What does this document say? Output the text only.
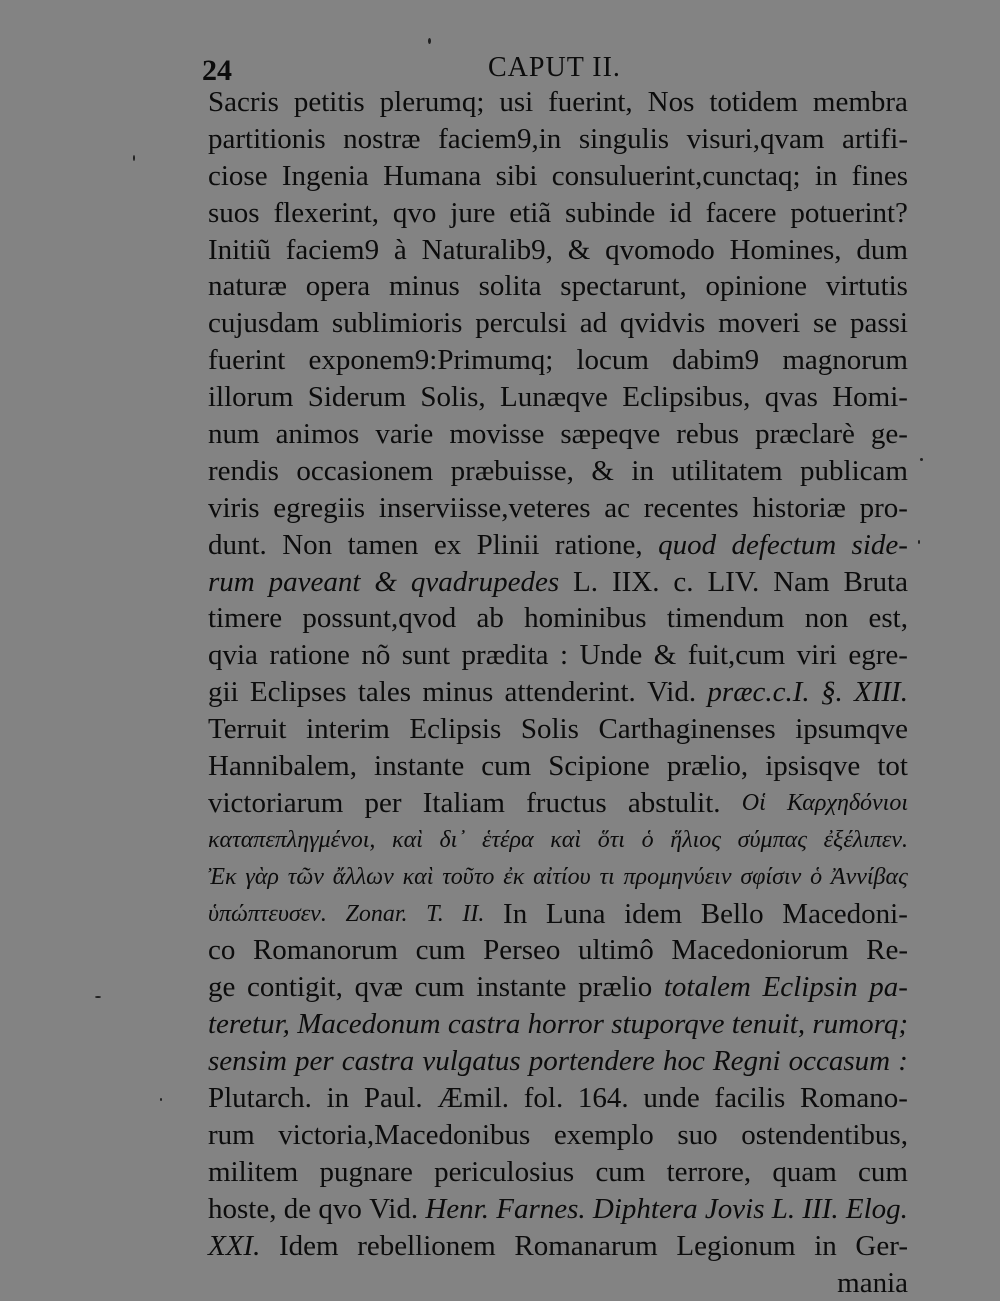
24	CAPUT II.
Sacris petitis plerumq; usi fuerint, Nos totidem membra
partitionis nostræ faciem9,in singulis visuri,qvam artifi-
ciose Ingenia Humana sibi consuluerint,cunctaq; in fines
suos flexerint, qvo jure etiã subinde id facere potuerint?
Initiũ faciem9 à Naturalib9, & qvomodo Homines, dum
naturæ opera minus solita spectarunt, opinione virtutis
cujusdam sublimioris perculsi ad qvidvis moveri se passi
fuerint exponem9:Primumq; locum dabim9 magnorum
illorum Siderum Solis, Lunæqve Eclipsibus, qvas Homi-
num animos varie movisse sæpeqve rebus præclarè ge-
rendis occasionem præbuisse, & in utilitatem publicam
viris egregiis inserviisse,veteres ac recentes historiæ pro-
dunt. Non tamen ex Plinii ratione, quod defectum side-
rum paveant & qvadrupedes L. IIX. c. LIV. Nam Bruta
timere possunt,qvod ab hominibus timendum non est,
qvia ratione nõ sunt prædita : Unde & fuit,cum viri egre-
gii Eclipses tales minus attenderint. Vid. præc.c.I. §. XIII.
Terruit interim Eclipsis Solis Carthaginenses ipsumqve
Hannibalem, instante cum Scipione prælio, ipsisqve tot
victoriarum per Italiam fructus abstulit. Οἱ Καρχηδόνιοι
καταπεπληγμένοι, καὶ δι᾽ ἑτέρα καὶ ὅτι ὁ ἥλιος σύμπας ἐξέλιπεν.
Ἐκ γὰρ τῶν ἄλλων καὶ τοῦτο ἐκ αἰτίου τι προμηνύειν σφίσιν ὁ Ἀννίβας
ὑπώπτευσεν. Zonar. T. II. In Luna idem Bello Macedoni-
co Romanorum cum Perseo ultimô Macedoniorum Re-
ge contigit, qvæ cum instante prælio totalem Eclipsin pa-
teretur, Macedonum castra horror stuporqve tenuit, rumorq;
sensim per castra vulgatus portendere hoc Regni occasum :
Plutarch. in Paul. Æmil. fol. 164. unde facilis Romano-
rum victoria,Macedonibus exemplo suo ostendentibus,
militem pugnare periculosius cum terrore, quam cum
hoste, de qvo Vid. Henr. Farnes. Diphtera Jovis L. III. Elog.
XXI. Idem rebellionem Romanarum Legionum in Ger-
mania
